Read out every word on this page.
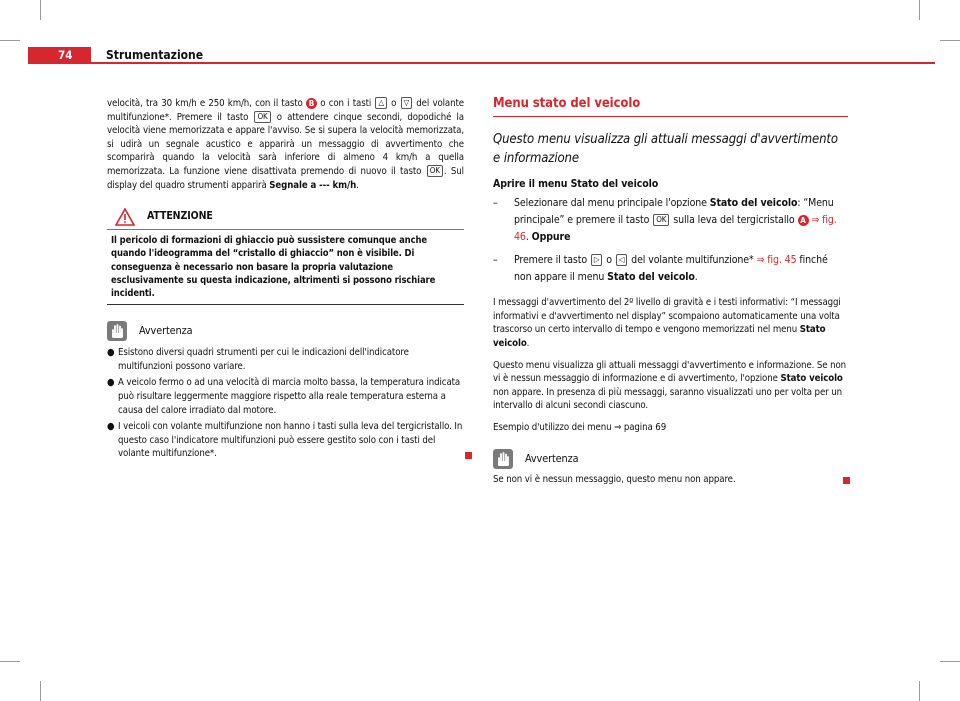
74	Strumentazione

velocità, tra 30 km/h e 250 km/h, con il tasto B o con i tasti △ o ▽ del volante multifunzione*. Premere il tasto OK o attendere cinque secondi, dopodiché la velocità viene memorizzata e appare l'avviso. Se si supera la velocità memorizzata, si udirà un segnale acustico e apparirà un messaggio di avvertimento che scomparirà quando la velocità sarà inferiore di almeno 4 km/h a quella memorizzata. La funzione viene disattivata premendo di nuovo il tasto OK . Sul display del quadro strumenti apparirà Segnale a --- km/h.

ATTENZIONE
Il pericolo di formazioni di ghiaccio può sussistere comunque anche quando l'ideogramma del “cristallo di ghiaccio” non è visibile. Di conseguenza è necessario non basare la propria valutazione esclusivamente su questa indicazione, altrimenti si possono rischiare incidenti.
Avvertenza
● Esistono diversi quadri strumenti per cui le indicazioni dell'indicatore multifunzioni possono variare.
● A veicolo fermo o ad una velocità di marcia molto bassa, la temperatura indicata può risultare leggermente maggiore rispetto alla reale temperatura esterna a causa del calore irradiato dal motore.
● I veicoli con volante multifunzione non hanno i tasti sulla leva del tergicristallo. In questo caso l'indicatore multifunzioni può essere gestito solo con i tasti del volante multifunzione*.
Menu stato del veicolo
Questo menu visualizza gli attuali messaggi d'avvertimento e informazione
Aprire il menu Stato del veicolo
–	Selezionare dal menu principale l'opzione Stato del veicolo: “Menu principale” e premere il tasto OK sulla leva del tergicristallo A ⇒ fig. 46. Oppure
–	Premere il tasto ▷ o ◁ del volante multifunzione* ⇒ fig. 45 finché non appare il menu Stato del veicolo.

I messaggi d'avvertimento del 2º livello di gravità e i testi informativi: “I messaggi informativi e d'avvertimento nel display” scompaiono automaticamente una volta trascorso un certo intervallo di tempo e vengono memorizzati nel menu Stato veicolo.

Questo menu visualizza gli attuali messaggi d'avvertimento e informazione. Se non vi è nessun messaggio di informazione e di avvertimento, l'opzione Stato veicolo non appare. In presenza di più messaggi, saranno visualizzati uno per volta per un intervallo di alcuni secondi ciascuno.

Esempio d'utilizzo dei menu ⇒ pagina 69

Avvertenza

Se non vi è nessun messaggio, questo menu non appare.
